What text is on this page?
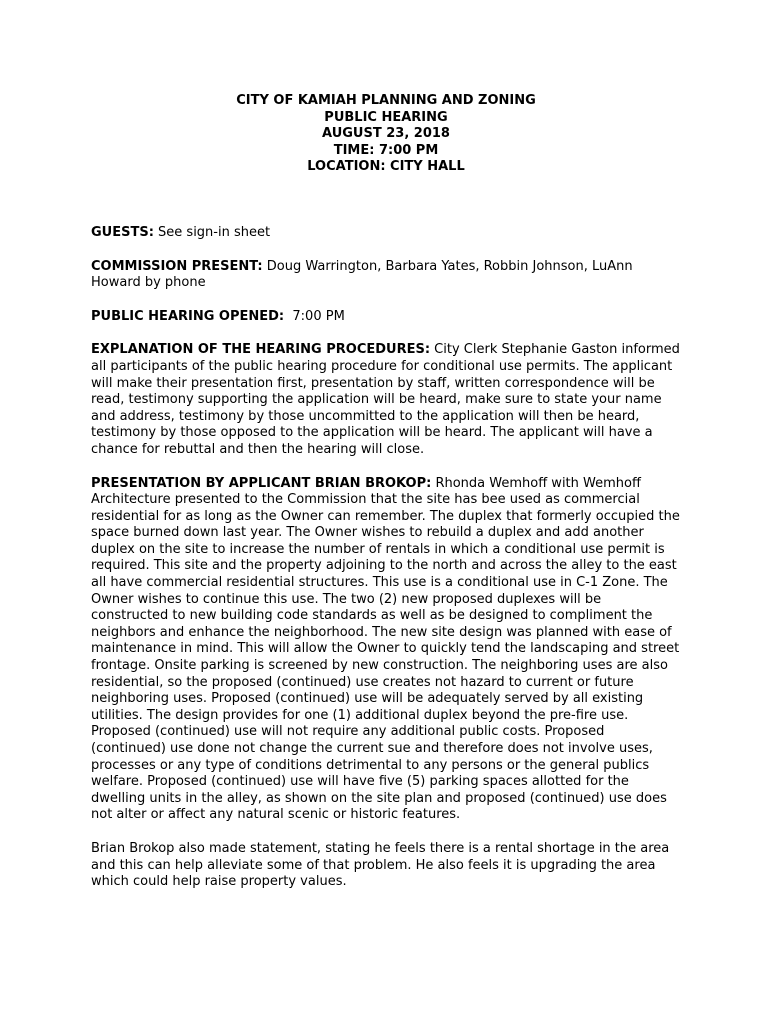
CITY OF KAMIAH PLANNING AND ZONING
PUBLIC HEARING
AUGUST 23, 2018
TIME: 7:00 PM
LOCATION: CITY HALL

GUESTS: See sign-in sheet

COMMISSION PRESENT: Doug Warrington, Barbara Yates, Robbin Johnson, LuAnn Howard by phone

PUBLIC HEARING OPENED:  7:00 PM

EXPLANATION OF THE HEARING PROCEDURES: City Clerk Stephanie Gaston informed all participants of the public hearing procedure for conditional use permits. The applicant will make their presentation first, presentation by staff, written correspondence will be read, testimony supporting the application will be heard, make sure to state your name and address, testimony by those uncommitted to the application will then be heard, testimony by those opposed to the application will be heard. The applicant will have a chance for rebuttal and then the hearing will close.

PRESENTATION BY APPLICANT BRIAN BROKOP: Rhonda Wemhoff with Wemhoff Architecture presented to the Commission that the site has bee used as commercial residential for as long as the Owner can remember. The duplex that formerly occupied the space burned down last year. The Owner wishes to rebuild a duplex and add another duplex on the site to increase the number of rentals in which a conditional use permit is required. This site and the property adjoining to the north and across the alley to the east all have commercial residential structures. This use is a conditional use in C-1 Zone. The Owner wishes to continue this use. The two (2) new proposed duplexes will be constructed to new building code standards as well as be designed to compliment the neighbors and enhance the neighborhood. The new site design was planned with ease of maintenance in mind. This will allow the Owner to quickly tend the landscaping and street frontage. Onsite parking is screened by new construction. The neighboring uses are also residential, so the proposed (continued) use creates not hazard to current or future neighboring uses. Proposed (continued) use will be adequately served by all existing utilities. The design provides for one (1) additional duplex beyond the pre-fire use. Proposed (continued) use will not require any additional public costs. Proposed (continued) use done not change the current sue and therefore does not involve uses, processes or any type of conditions detrimental to any persons or the general publics welfare. Proposed (continued) use will have five (5) parking spaces allotted for the dwelling units in the alley, as shown on the site plan and proposed (continued) use does not alter or affect any natural scenic or historic features.

Brian Brokop also made statement, stating he feels there is a rental shortage in the area and this can help alleviate some of that problem. He also feels it is upgrading the area which could help raise property values.
